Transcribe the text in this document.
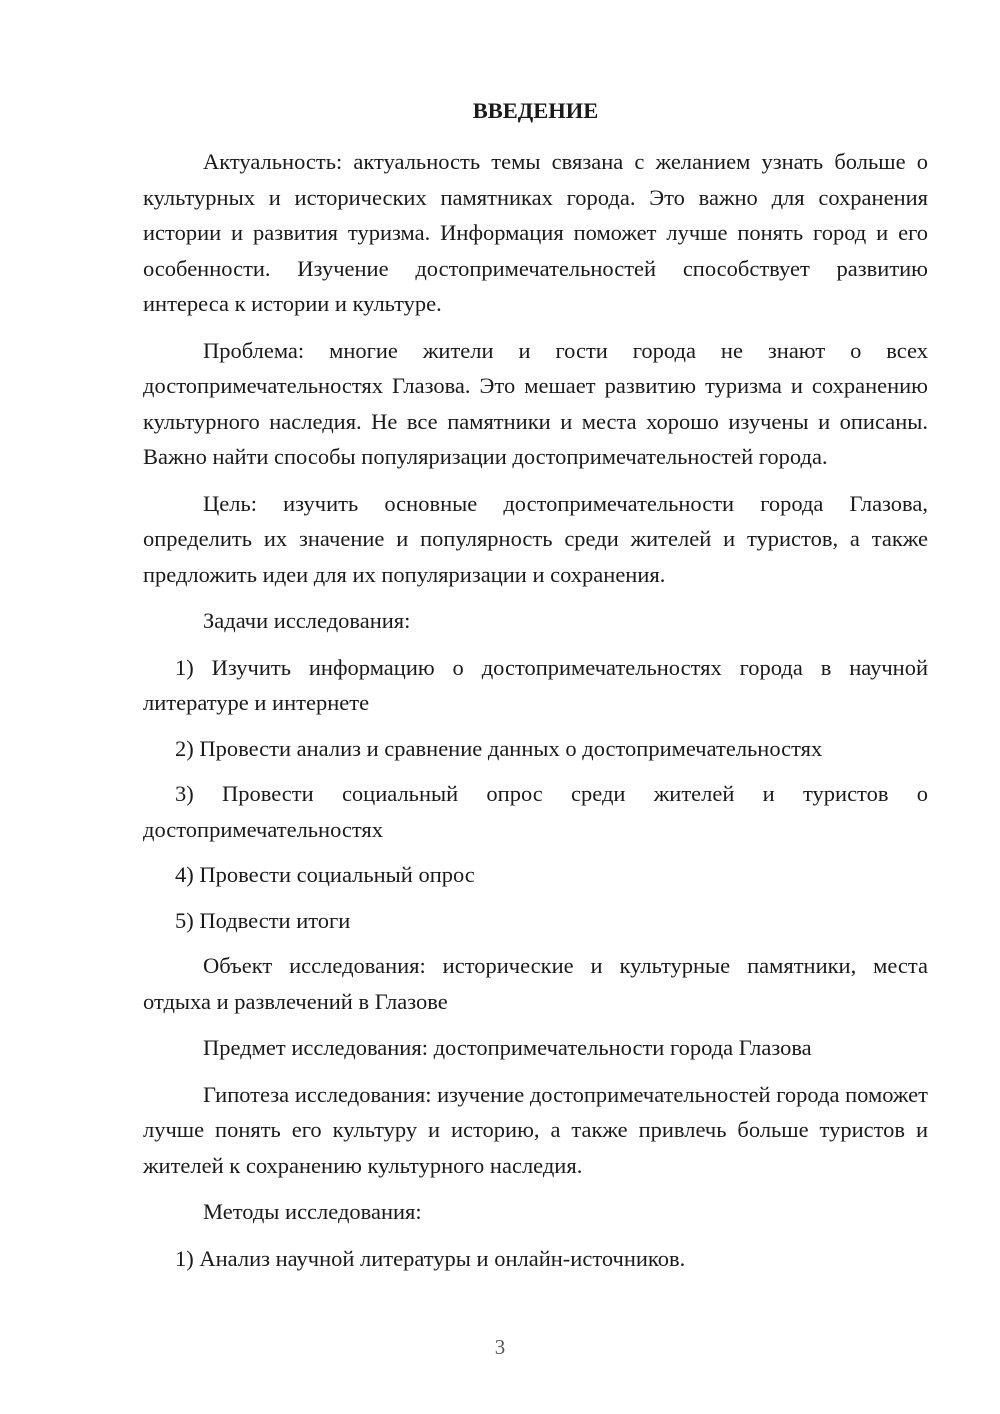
ВВЕДЕНИЕ

Актуальность: актуальность темы связана с желанием узнать больше о культурных и исторических памятниках города. Это важно для сохранения истории и развития туризма. Информация поможет лучше понять город и его особенности. Изучение достопримечательностей способствует развитию интереса к истории и культуре.

Проблема: многие жители и гости города не знают о всех достопримечательностях Глазова. Это мешает развитию туризма и сохранению культурного наследия. Не все памятники и места хорошо изучены и описаны. Важно найти способы популяризации достопримечательностей города.

Цель: изучить основные достопримечательности города Глазова, определить их значение и популярность среди жителей и туристов, а также предложить идеи для их популяризации и сохранения.

Задачи исследования:

1) Изучить информацию о достопримечательностях города в научной литературе и интернете

2) Провести анализ и сравнение данных о достопримечательностях

3) Провести социальный опрос среди жителей и туристов о достопримечательностях

4) Провести социальный опрос

5) Подвести итоги

Объект исследования: исторические и культурные памятники, места отдыха и развлечений в Глазове

Предмет исследования: достопримечательности города Глазова

Гипотеза исследования: изучение достопримечательностей города поможет лучше понять его культуру и историю, а также привлечь больше туристов и жителей к сохранению культурного наследия.

Методы исследования:

1) Анализ научной литературы и онлайн-источников.

3
